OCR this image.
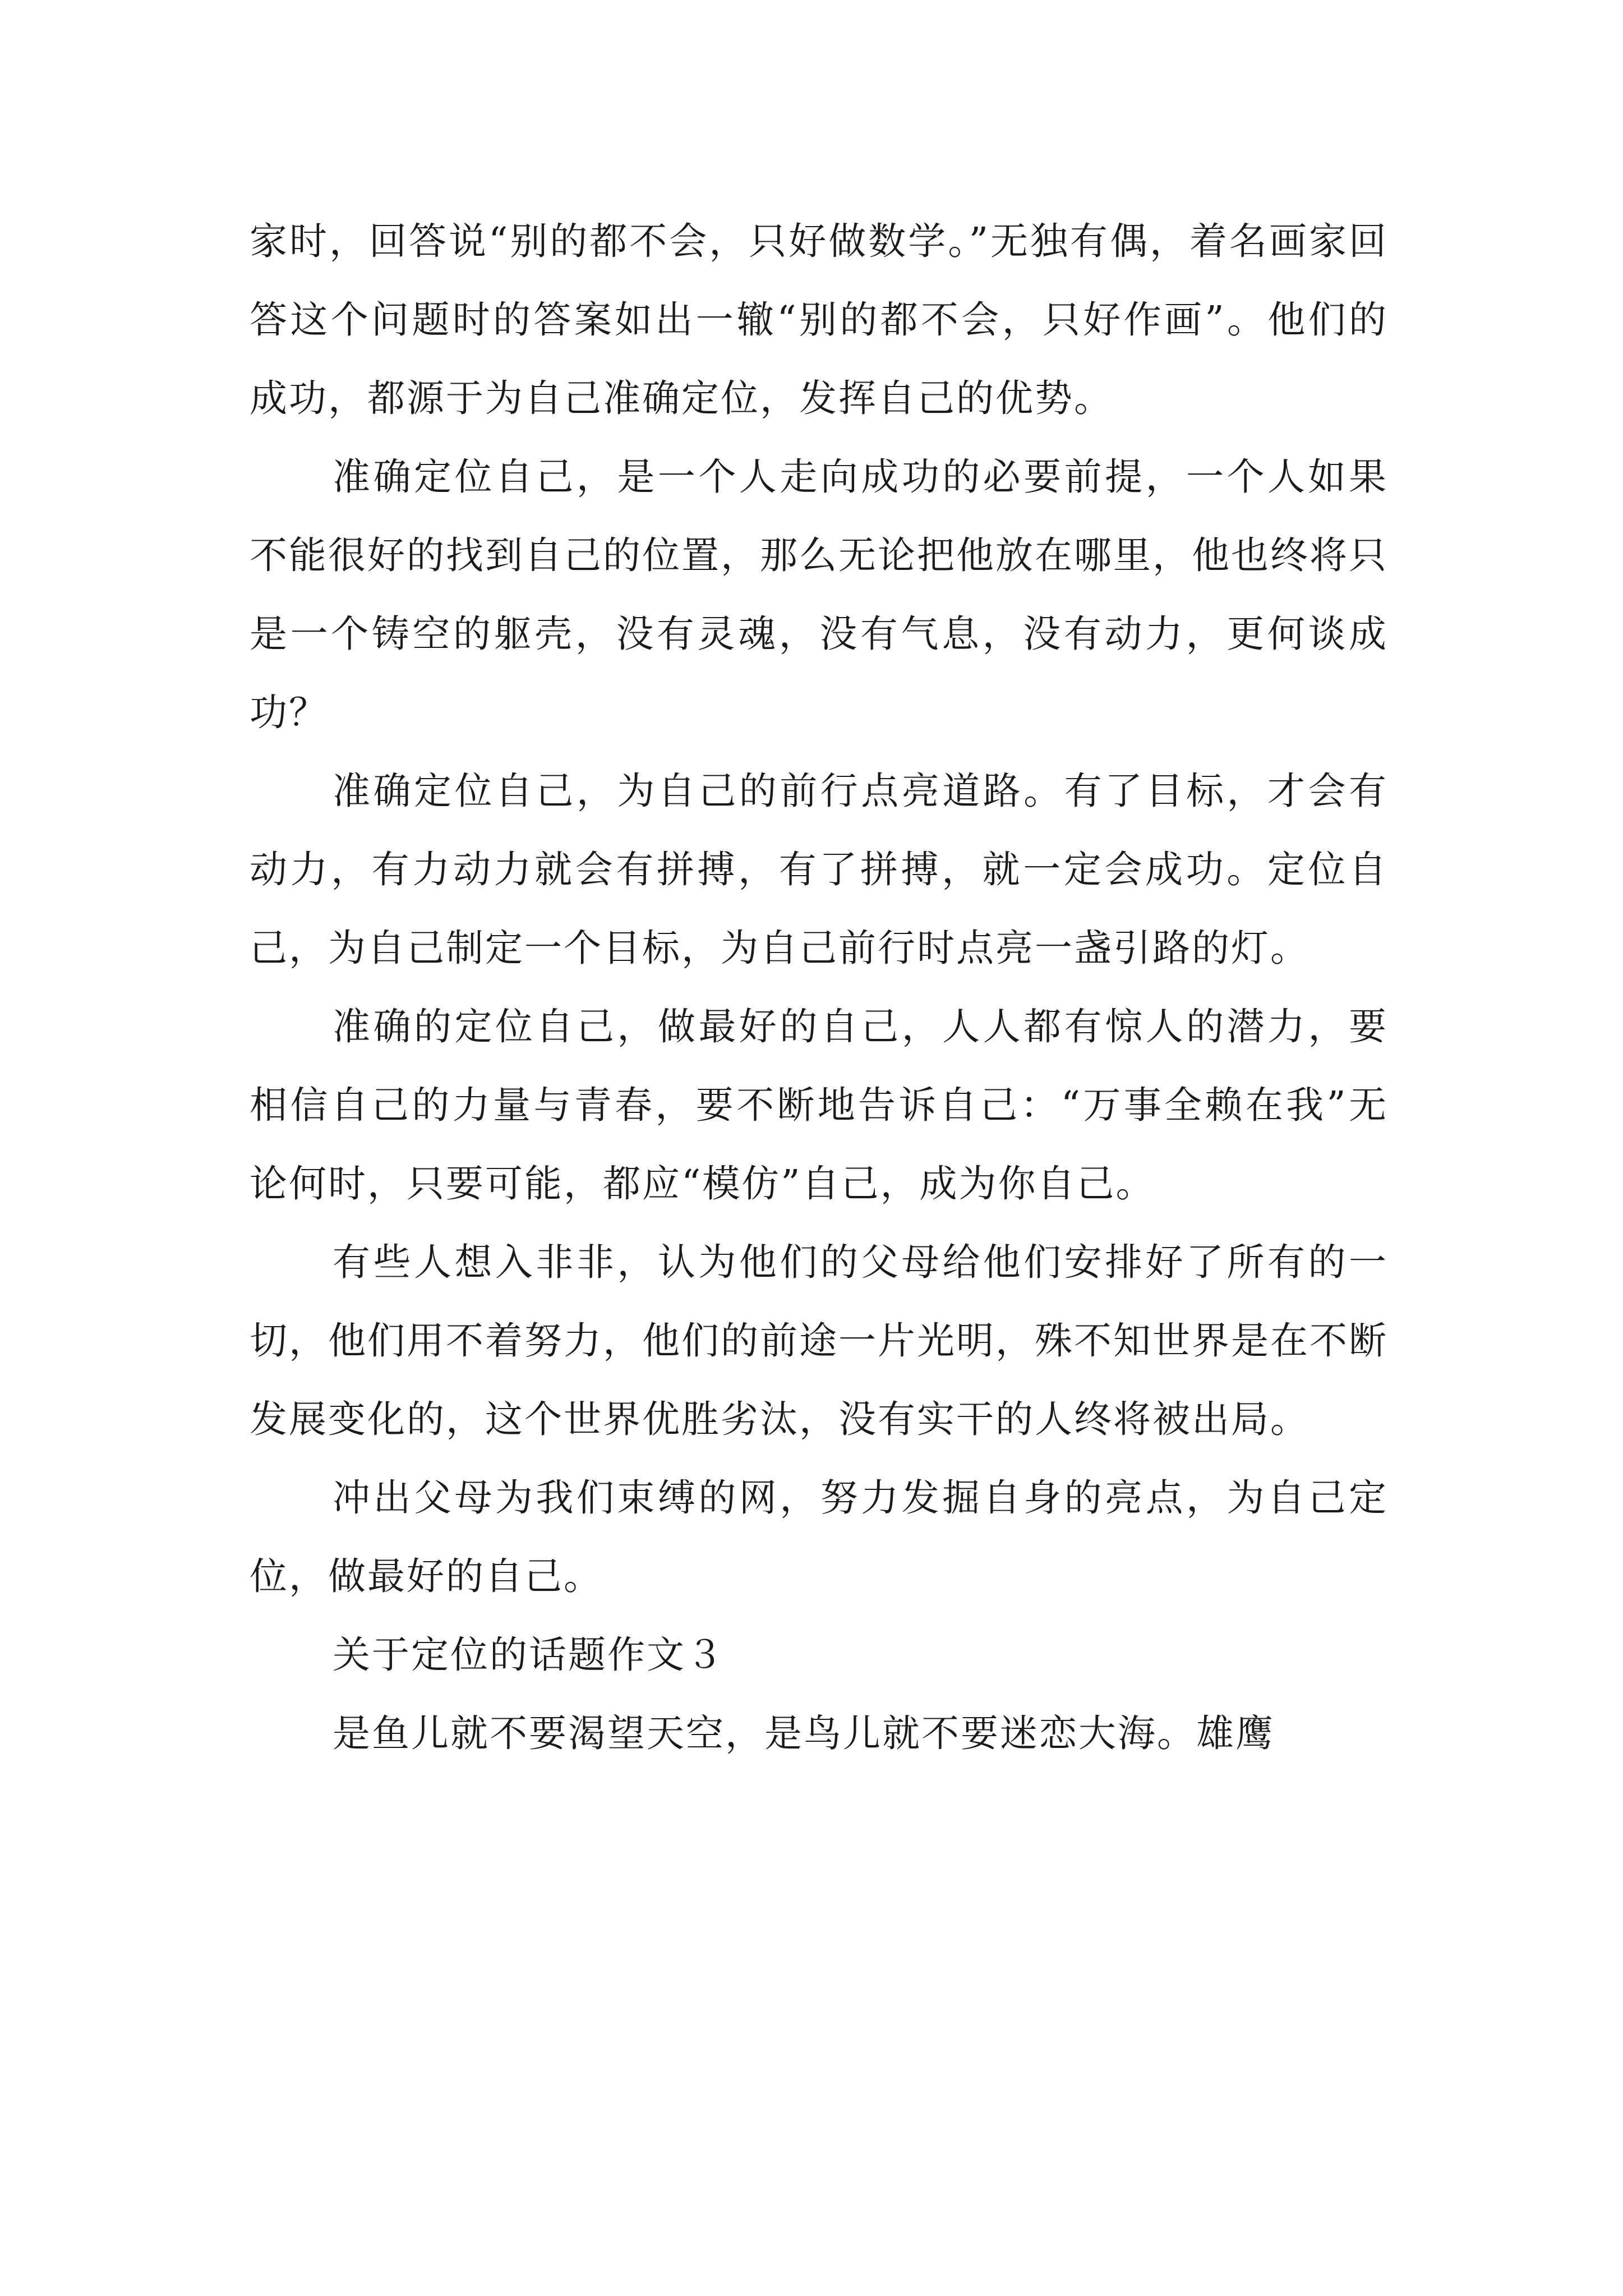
家时，回答说“别的都不会，只好做数学。”无独有偶，着名画家回答这个问题时的答案如出一辙“别的都不会，只好作画”。他们的成功，都源于为自己准确定位，发挥自己的优势。

准确定位自己，是一个人走向成功的必要前提，一个人如果不能很好的找到自己的位置，那么无论把他放在哪里，他也终将只是一个铸空的躯壳，没有灵魂，没有气息，没有动力，更何谈成功？

准确定位自己，为自己的前行点亮道路。有了目标，才会有动力，有力动力就会有拼搏，有了拼搏，就一定会成功。定位自己，为自己制定一个目标，为自己前行时点亮一盏引路的灯。

准确的定位自己，做最好的自己，人人都有惊人的潜力，要相信自己的力量与青春，要不断地告诉自己：“万事全赖在我”无论何时，只要可能，都应“模仿”自己，成为你自己。

有些人想入非非，认为他们的父母给他们安排好了所有的一切，他们用不着努力，他们的前途一片光明，殊不知世界是在不断发展变化的，这个世界优胜劣汰，没有实干的人终将被出局。

冲出父母为我们束缚的网，努力发掘自身的亮点，为自己定位，做最好的自己。

关于定位的话题作文３

是鱼儿就不要渴望天空，是鸟儿就不要迷恋大海。雄鹰
